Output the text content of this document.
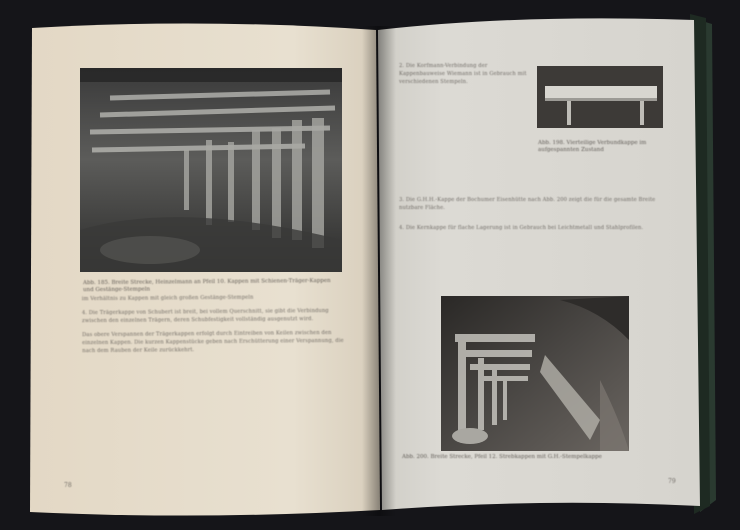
Abb. 185. Breite Strecke, Heinzelmann an Pfeil 10. Kappen mit Schienen-Träger-Kappen und Gestänge-Stempeln

im Verhältnis zu Kappen mit gleich großen Gestänge-Stempeln

4. Die Trägerkappe von Schubert ist breit, bei vollem Querschnitt, sie gibt die Verbindung zwischen den einzelnen Trägern, deren Schubfestigkeit vollständig ausgenutzt wird.

Das obere Verspannen der Trägerkappen erfolgt durch Eintreiben von Keilen zwischen den einzelnen Kappen. Die kurzen Kappenstücke geben nach Erschütterung einer Verspannung, die nach dem Rauben der Keile zurückkehrt.

78

2. Die Korfmann-Verbindung der Kappenbauweise Wiemann ist in Gebrauch mit verschiedenen Stempeln.

Abb. 198. Vierteilige Verbundkappe im aufgespannten Zustand

3. Die G.H.H.-Kappe der Bochumer Eisenhütte nach Abb. 200 zeigt die für die gesamte Breite nutzbare Fläche.

4. Die Kernkappe für flache Lagerung ist in Gebrauch bei Leichtmetall und Stahlprofilen.

Abb. 200. Breite Strecke, Pfeil 12. Strebkappen mit G.H.-Stempelkappe

79
